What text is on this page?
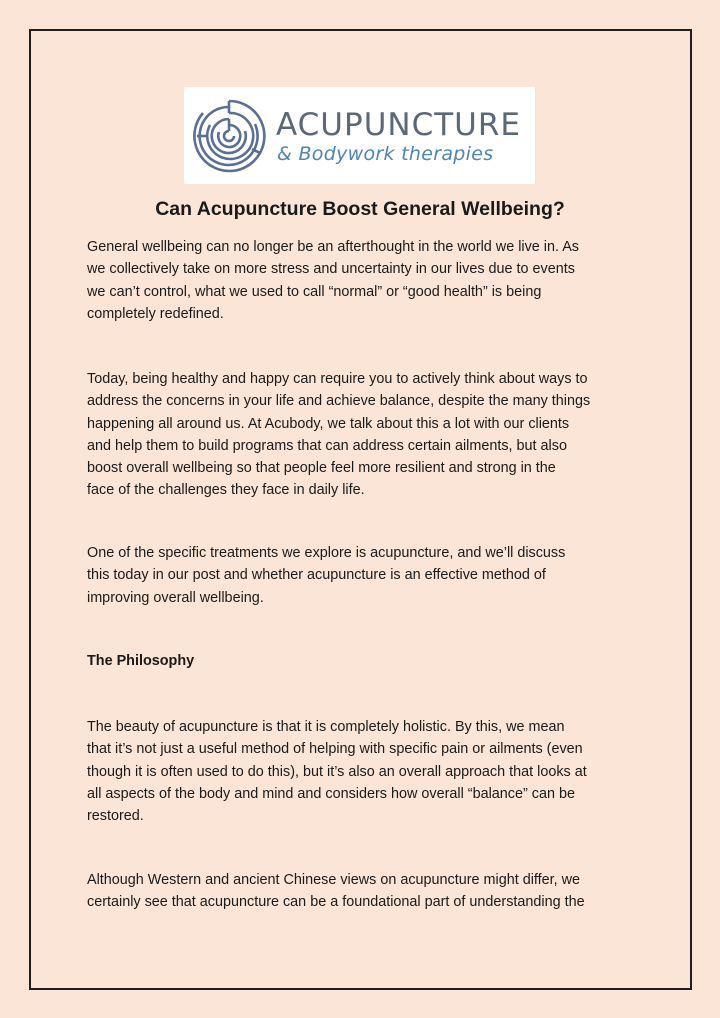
ACUPUNCTURE
& Bodywork therapies
Can Acupuncture Boost General Wellbeing?
General wellbeing can no longer be an afterthought in the world we live in. As
we collectively take on more stress and uncertainty in our lives due to events
we can’t control, what we used to call “normal” or “good health” is being
completely redefined.
Today, being healthy and happy can require you to actively think about ways to
address the concerns in your life and achieve balance, despite the many things
happening all around us. At Acubody, we talk about this a lot with our clients
and help them to build programs that can address certain ailments, but also
boost overall wellbeing so that people feel more resilient and strong in the
face of the challenges they face in daily life.
One of the specific treatments we explore is acupuncture, and we’ll discuss
this today in our post and whether acupuncture is an effective method of
improving overall wellbeing.
The Philosophy
The beauty of acupuncture is that it is completely holistic. By this, we mean
that it’s not just a useful method of helping with specific pain or ailments (even
though it is often used to do this), but it’s also an overall approach that looks at
all aspects of the body and mind and considers how overall “balance” can be
restored.
Although Western and ancient Chinese views on acupuncture might differ, we
certainly see that acupuncture can be a foundational part of understanding the
